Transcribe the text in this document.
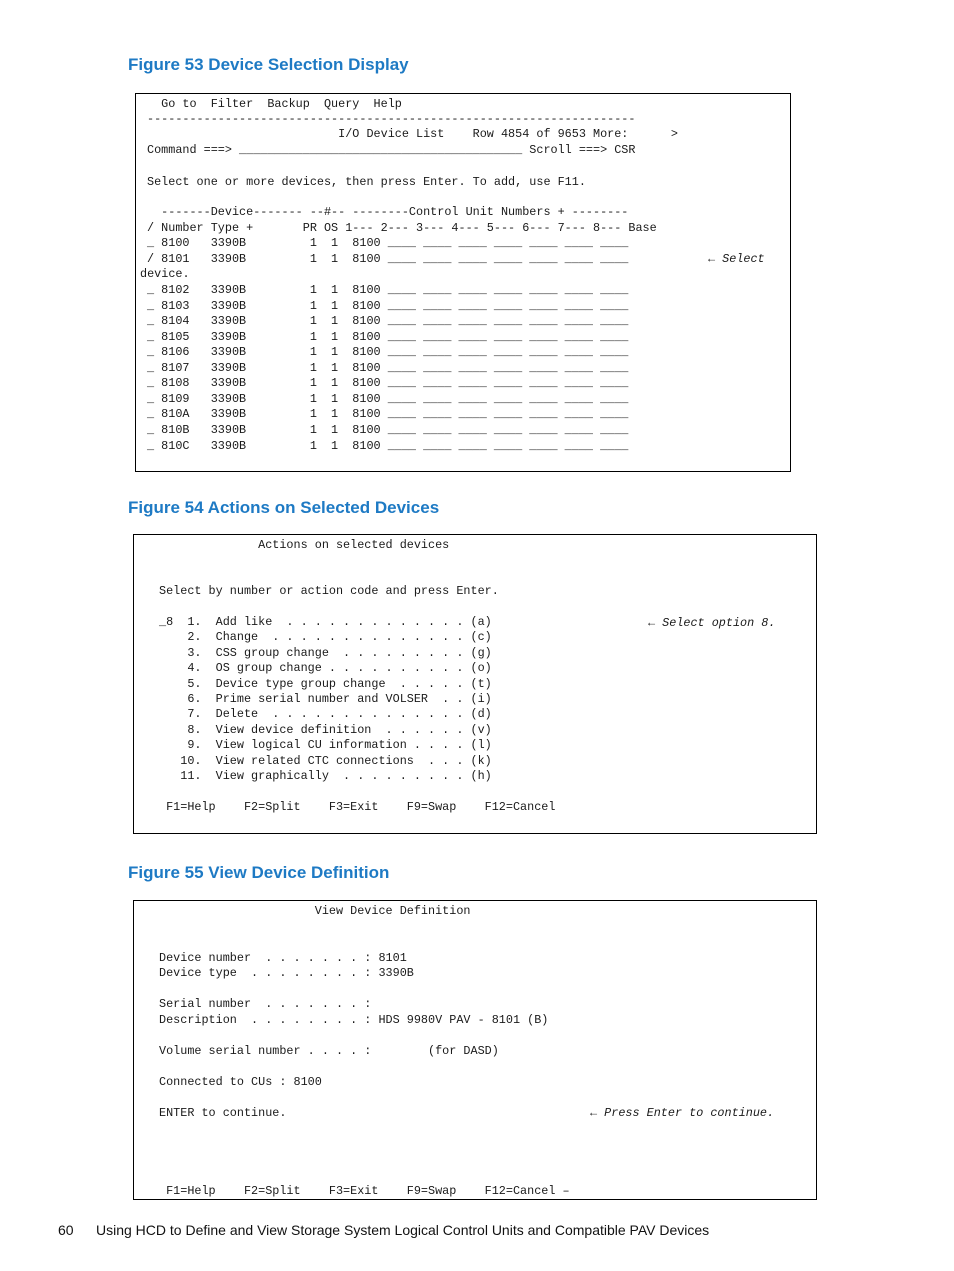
Figure 53 Device Selection Display
Go to  Filter  Backup  Query  Help
---------------------------------------------------------------------
I/O Device List    Row 4854 of 9653 More:      >
Command ===> ________________________________________ Scroll ===> CSR
Select one or more devices, then press Enter. To add, use F11.
-------Device------- --#-- --------Control Unit Numbers + --------
/ Number Type +       PR OS 1--- 2--- 3--- 4--- 5--- 6--- 7--- 8--- Base
_ 8100   3390B         1  1  8100 ____ ____ ____ ____ ____ ____ ____
/ 8101   3390B         1  1  8100 ____ ____ ____ ____ ____ ____ ____
device.
_ 8102   3390B         1  1  8100 ____ ____ ____ ____ ____ ____ ____
_ 8103   3390B         1  1  8100 ____ ____ ____ ____ ____ ____ ____
_ 8104   3390B         1  1  8100 ____ ____ ____ ____ ____ ____ ____
_ 8105   3390B         1  1  8100 ____ ____ ____ ____ ____ ____ ____
_ 8106   3390B         1  1  8100 ____ ____ ____ ____ ____ ____ ____
_ 8107   3390B         1  1  8100 ____ ____ ____ ____ ____ ____ ____
_ 8108   3390B         1  1  8100 ____ ____ ____ ____ ____ ____ ____
_ 8109   3390B         1  1  8100 ____ ____ ____ ____ ____ ____ ____
_ 810A   3390B         1  1  8100 ____ ____ ____ ____ ____ ____ ____
_ 810B   3390B         1  1  8100 ____ ____ ____ ____ ____ ____ ____
_ 810C   3390B         1  1  8100 ____ ____ ____ ____ ____ ____ ____
← Select
Figure 54 Actions on Selected Devices
Actions on selected devices
Select by number or action code and press Enter.
_8  1.  Add like  . . . . . . . . . . . . . (a)
2.  Change  . . . . . . . . . . . . . . (c)
3.  CSS group change  . . . . . . . . . (g)
4.  OS group change . . . . . . . . . . (o)
5.  Device type group change  . . . . . (t)
6.  Prime serial number and VOLSER  . . (i)
7.  Delete  . . . . . . . . . . . . . . (d)
8.  View device definition  . . . . . . (v)
9.  View logical CU information . . . . (l)
10.  View related CTC connections  . . . (k)
11.  View graphically  . . . . . . . . . (h)
F1=Help    F2=Split    F3=Exit    F9=Swap    F12=Cancel
← Select option 8.
Figure 55 View Device Definition
View Device Definition
Device number  . . . . . . . : 8101
Device type  . . . . . . . . : 3390B
Serial number  . . . . . . . :
Description  . . . . . . . . : HDS 9980V PAV - 8101 (B)
Volume serial number . . . . :        (for DASD)
Connected to CUs : 8100
ENTER to continue.
F1=Help    F2=Split    F3=Exit    F9=Swap    F12=Cancel –
← Press Enter to continue.
60 Using HCD to Define and View Storage System Logical Control Units and Compatible PAV Devices
